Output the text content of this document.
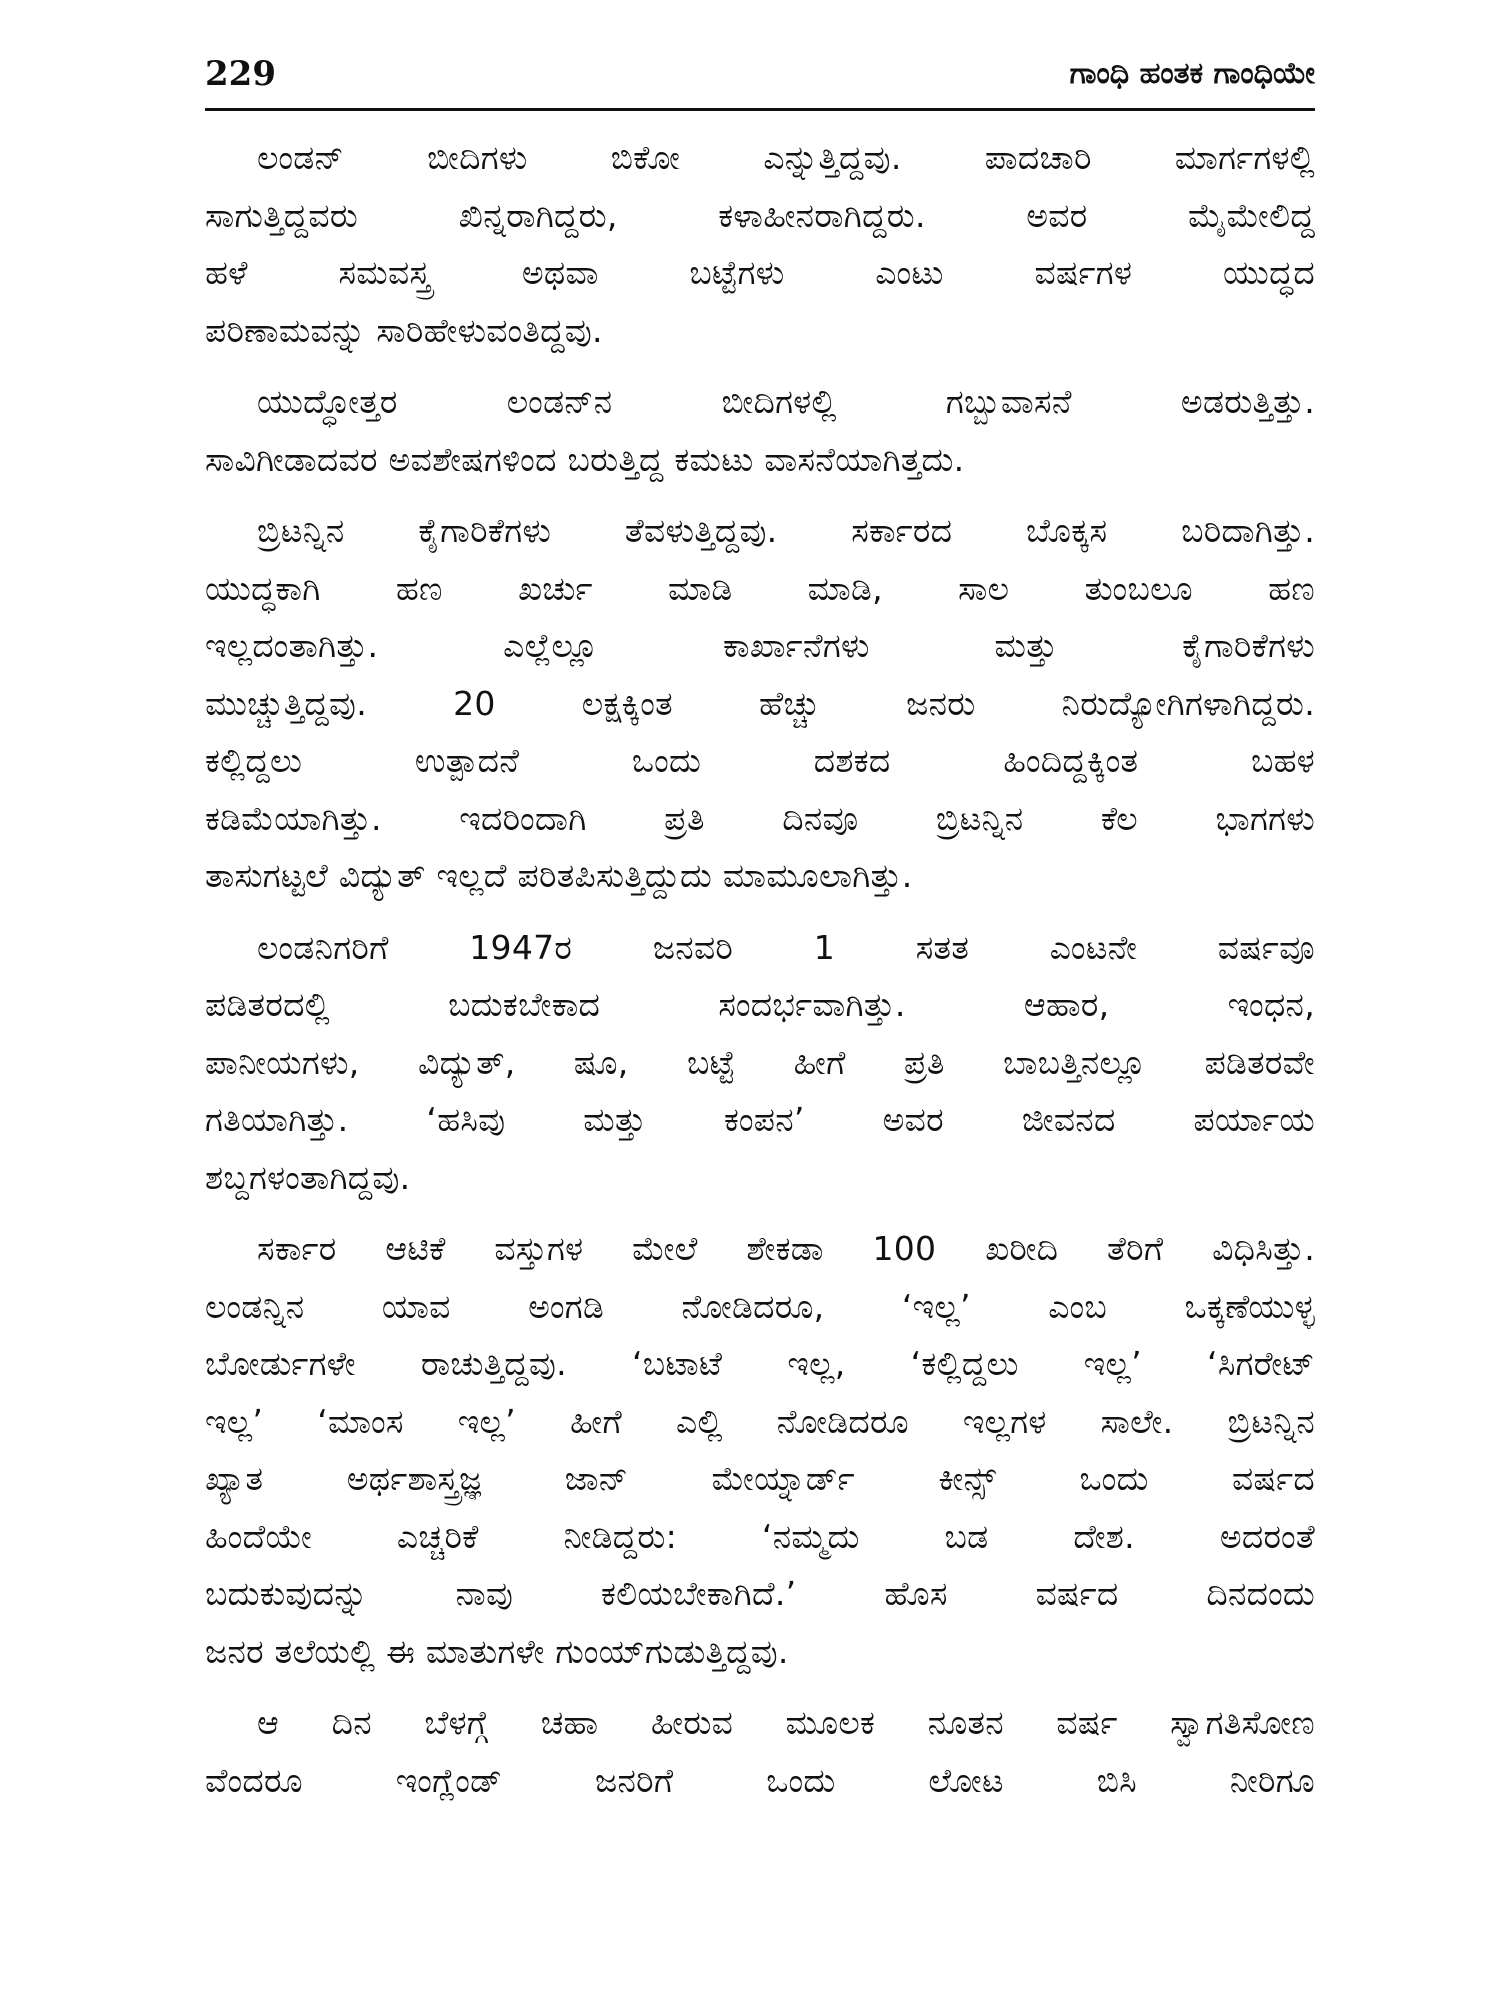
229	ಗಾಂಧಿ ಹಂತಕ ಗಾಂಧಿಯೇ
ಲಂಡನ್ ಬೀದಿಗಳು ಬಿಕೋ ಎನ್ನುತ್ತಿದ್ದವು. ಪಾದಚಾರಿ ಮಾರ್ಗಗಳಲ್ಲಿ
ಸಾಗುತ್ತಿದ್ದವರು ಖಿನ್ನರಾಗಿದ್ದರು, ಕಳಾಹೀನರಾಗಿದ್ದರು. ಅವರ ಮೈಮೇಲಿದ್ದ
ಹಳೆ ಸಮವಸ್ತ್ರ ಅಥವಾ ಬಟ್ಟೆಗಳು ಎಂಟು ವರ್ಷಗಳ ಯುದ್ಧದ
ಪರಿಣಾಮವನ್ನು ಸಾರಿಹೇಳುವಂತಿದ್ದವು.
ಯುದ್ಧೋತ್ತರ ಲಂಡನ್‌ನ ಬೀದಿಗಳಲ್ಲಿ ಗಬ್ಬುವಾಸನೆ ಅಡರುತ್ತಿತ್ತು.
ಸಾವಿಗೀಡಾದವರ ಅವಶೇಷಗಳಿಂದ ಬರುತ್ತಿದ್ದ ಕಮಟು ವಾಸನೆಯಾಗಿತ್ತದು.
ಬ್ರಿಟನ್ನಿನ ಕೈಗಾರಿಕೆಗಳು ತೆವಳುತ್ತಿದ್ದವು. ಸರ್ಕಾರದ ಬೊಕ್ಕಸ ಬರಿದಾಗಿತ್ತು.
ಯುದ್ಧಕಾಗಿ ಹಣ ಖರ್ಚು ಮಾಡಿ ಮಾಡಿ, ಸಾಲ ತುಂಬಲೂ ಹಣ
ಇಲ್ಲದಂತಾಗಿತ್ತು. ಎಲ್ಲೆಲ್ಲೂ ಕಾರ್ಖಾನೆಗಳು ಮತ್ತು ಕೈಗಾರಿಕೆಗಳು
ಮುಚ್ಚುತ್ತಿದ್ದವು. 20 ಲಕ್ಷಕ್ಕಿಂತ ಹೆಚ್ಚು ಜನರು ನಿರುದ್ಯೋಗಿಗಳಾಗಿದ್ದರು.
ಕಲ್ಲಿದ್ದಲು ಉತ್ಪಾದನೆ ಒಂದು ದಶಕದ ಹಿಂದಿದ್ದಕ್ಕಿಂತ ಬಹಳ
ಕಡಿಮೆಯಾಗಿತ್ತು. ಇದರಿಂದಾಗಿ ಪ್ರತಿ ದಿನವೂ ಬ್ರಿಟನ್ನಿನ ಕೆಲ ಭಾಗಗಳು
ತಾಸುಗಟ್ಟಲೆ ವಿದ್ಯುತ್ ಇಲ್ಲದೆ ಪರಿತಪಿಸುತ್ತಿದ್ದುದು ಮಾಮೂಲಾಗಿತ್ತು.
ಲಂಡನಿಗರಿಗೆ 1947ರ ಜನವರಿ 1 ಸತತ ಎಂಟನೇ ವರ್ಷವೂ
ಪಡಿತರದಲ್ಲಿ ಬದುಕಬೇಕಾದ ಸಂದರ್ಭವಾಗಿತ್ತು. ಆಹಾರ, ಇಂಧನ,
ಪಾನೀಯಗಳು, ವಿದ್ಯುತ್, ಷೂ, ಬಟ್ಟೆ ಹೀಗೆ ಪ್ರತಿ ಬಾಬತ್ತಿನಲ್ಲೂ ಪಡಿತರವೇ
ಗತಿಯಾಗಿತ್ತು. ‘ಹಸಿವು ಮತ್ತು ಕಂಪನ’ ಅವರ ಜೀವನದ ಪರ್ಯಾಯ
ಶಬ್ದಗಳಂತಾಗಿದ್ದವು.
ಸರ್ಕಾರ ಆಟಿಕೆ ವಸ್ತುಗಳ ಮೇಲೆ ಶೇಕಡಾ 100 ಖರೀದಿ ತೆರಿಗೆ ವಿಧಿಸಿತ್ತು.
ಲಂಡನ್ನಿನ ಯಾವ ಅಂಗಡಿ ನೋಡಿದರೂ, ‘ಇಲ್ಲ’ ಎಂಬ ಒಕ್ಕಣೆಯುಳ್ಳ
ಬೋರ್ಡುಗಳೇ ರಾಚುತ್ತಿದ್ದವು. ‘ಬಟಾಟೆ ಇಲ್ಲ, ‘ಕಲ್ಲಿದ್ದಲು ಇಲ್ಲ’ ‘ಸಿಗರೇಟ್
ಇಲ್ಲ’ ‘ಮಾಂಸ ಇಲ್ಲ’ ಹೀಗೆ ಎಲ್ಲಿ ನೋಡಿದರೂ ಇಲ್ಲಗಳ ಸಾಲೇ. ಬ್ರಿಟನ್ನಿನ
ಖ್ಯಾತ ಅರ್ಥಶಾಸ್ತ್ರಜ್ಞ ಜಾನ್ ಮೇಯ್ನಾರ್ಡ್ ಕೀನ್ಸ್ ಒಂದು ವರ್ಷದ
ಹಿಂದೆಯೇ ಎಚ್ಚರಿಕೆ ನೀಡಿದ್ದರು: ‘ನಮ್ಮದು ಬಡ ದೇಶ. ಅದರಂತೆ
ಬದುಕುವುದನ್ನು ನಾವು ಕಲಿಯಬೇಕಾಗಿದೆ.’ ಹೊಸ ವರ್ಷದ ದಿನದಂದು
ಜನರ ತಲೆಯಲ್ಲಿ ಈ ಮಾತುಗಳೇ ಗುಂಯ್‌ಗುಡುತ್ತಿದ್ದವು.
ಆ ದಿನ ಬೆಳಗ್ಗೆ ಚಹಾ ಹೀರುವ ಮೂಲಕ ನೂತನ ವರ್ಷ ಸ್ವಾಗತಿಸೋಣ
ವೆಂದರೂ ಇಂಗ್ಲೆಂಡ್ ಜನರಿಗೆ ಒಂದು ಲೋಟ ಬಿಸಿ ನೀರಿಗೂ
